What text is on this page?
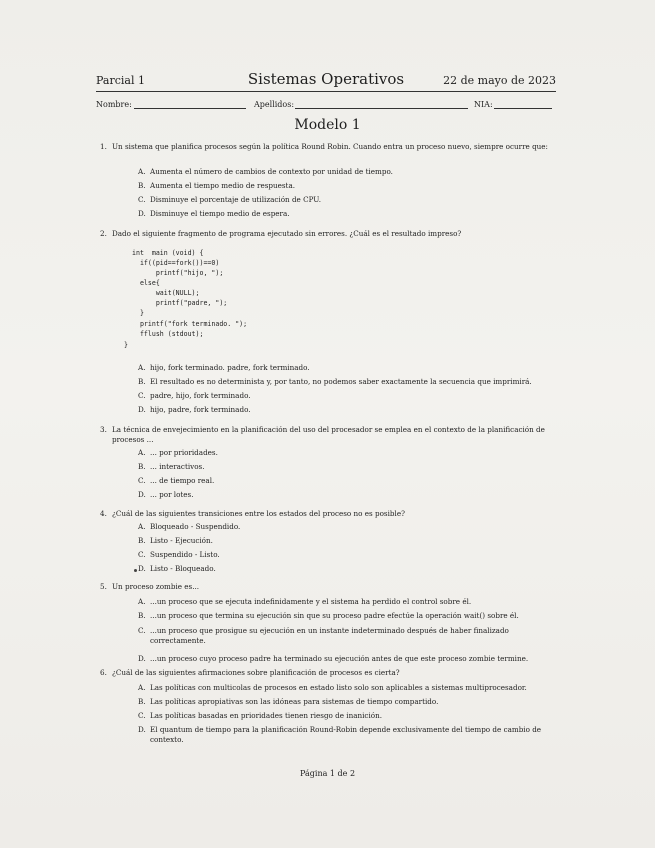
Parcial 1	Sistemas Operativos	22 de mayo de 2023
Nombre:	Apellidos:	NIA:
Modelo 1
1. Un sistema que planifica procesos según la política Round Robin. Cuando entra un proceso nuevo, siempre ocurre que:
A. Aumenta el número de cambios de contexto por unidad de tiempo.
B. Aumenta el tiempo medio de respuesta.
C. Disminuye el porcentaje de utilización de CPU.
D. Disminuye el tiempo medio de espera.
2. Dado el siguiente fragmento de programa ejecutado sin errores. ¿Cuál es el resultado impreso?
int  main (void) {
if((pid==fork())==0)
printf("hijo, ");
else{
wait(NULL);
printf("padre, ");
}
printf("fork terminado. ");
fflush (stdout);
}
A. hijo, fork terminado. padre, fork terminado.
B. El resultado es no determinista y, por tanto, no podemos saber exactamente la secuencia que imprimirá.
C. padre, hijo, fork terminado.
D. hijo, padre, fork terminado.
3. La técnica de envejecimiento en la planificación del uso del procesador se emplea en el contexto de la planificación de procesos ...
A. ... por prioridades.
B. ... interactivos.
C. ... de tiempo real.
D. ... por lotes.
4. ¿Cuál de las siguientes transiciones entre los estados del proceso no es posible?
A. Bloqueado - Suspendido.
B. Listo - Ejecución.
C. Suspendido - Listo.
D. Listo - Bloqueado.
5. Un proceso zombie es...
A. ...un proceso que se ejecuta indefinidamente y el sistema ha perdido el control sobre él.
B. ...un proceso que termina su ejecución sin que su proceso padre efectúe la operación wait() sobre él.
C. ...un proceso que prosigue su ejecución en un instante indeterminado después de haber finalizado correctamente.
D. ...un proceso cuyo proceso padre ha terminado su ejecución antes de que este proceso zombie termine.
6. ¿Cuál de las siguientes afirmaciones sobre planificación de procesos es cierta?
A. Las políticas con multicolas de procesos en estado listo solo son aplicables a sistemas multiprocesador.
B. Las políticas apropiativas son las idóneas para sistemas de tiempo compartido.
C. Las políticas basadas en prioridades tienen riesgo de inanición.
D. El quantum de tiempo para la planificación Round-Robin depende exclusivamente del tiempo de cambio de contexto.
Página 1 de 2
